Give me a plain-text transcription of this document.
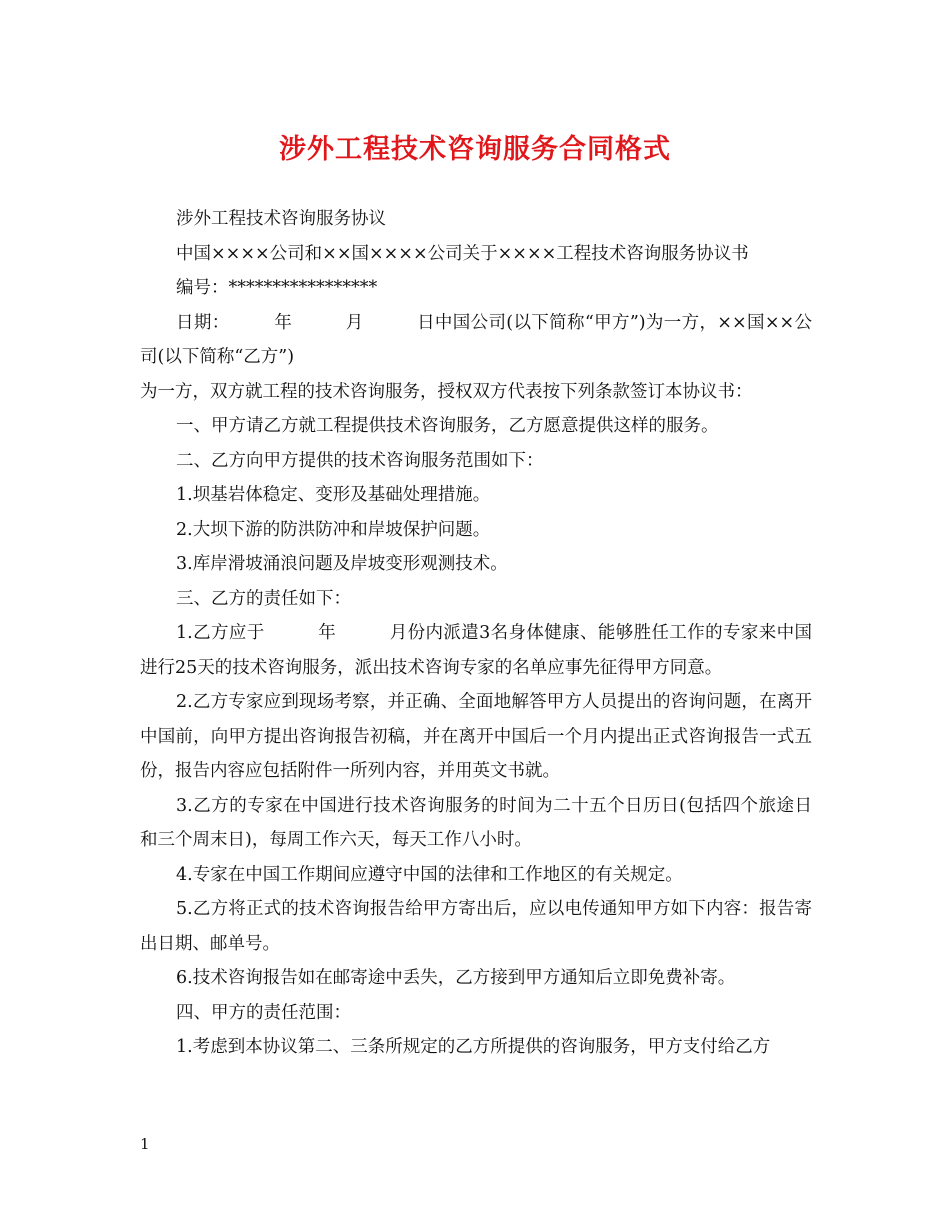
涉外工程技术咨询服务合同格式

涉外工程技术咨询服务协议

中国××××公司和××国××××公司关于××××工程技术咨询服务协议书

编号：*****************

日期：　　　年　　　月　　　日中国公司(以下简称“甲方”)为一方，××国××公司(以下简称“乙方”)

为一方，双方就工程的技术咨询服务，授权双方代表按下列条款签订本协议书：

一、甲方请乙方就工程提供技术咨询服务，乙方愿意提供这样的服务。

二、乙方向甲方提供的技术咨询服务范围如下：

1.坝基岩体稳定、变形及基础处理措施。

2.大坝下游的防洪防冲和岸坡保护问题。

3.库岸滑坡涌浪问题及岸坡变形观测技术。

三、乙方的责任如下：

1.乙方应于　　　年　　　月份内派遣3名身体健康、能够胜任工作的专家来中国进行25天的技术咨询服务，派出技术咨询专家的名单应事先征得甲方同意。

2.乙方专家应到现场考察，并正确、全面地解答甲方人员提出的咨询问题，在离开中国前，向甲方提出咨询报告初稿，并在离开中国后一个月内提出正式咨询报告一式五份，报告内容应包括附件一所列内容，并用英文书就。

3.乙方的专家在中国进行技术咨询服务的时间为二十五个日历日(包括四个旅途日和三个周末日)，每周工作六天，每天工作八小时。

4.专家在中国工作期间应遵守中国的法律和工作地区的有关规定。

5.乙方将正式的技术咨询报告给甲方寄出后，应以电传通知甲方如下内容：报告寄出日期、邮单号。

6.技术咨询报告如在邮寄途中丢失，乙方接到甲方通知后立即免费补寄。

四、甲方的责任范围：

1.考虑到本协议第二、三条所规定的乙方所提供的咨询服务，甲方支付给乙方

1
